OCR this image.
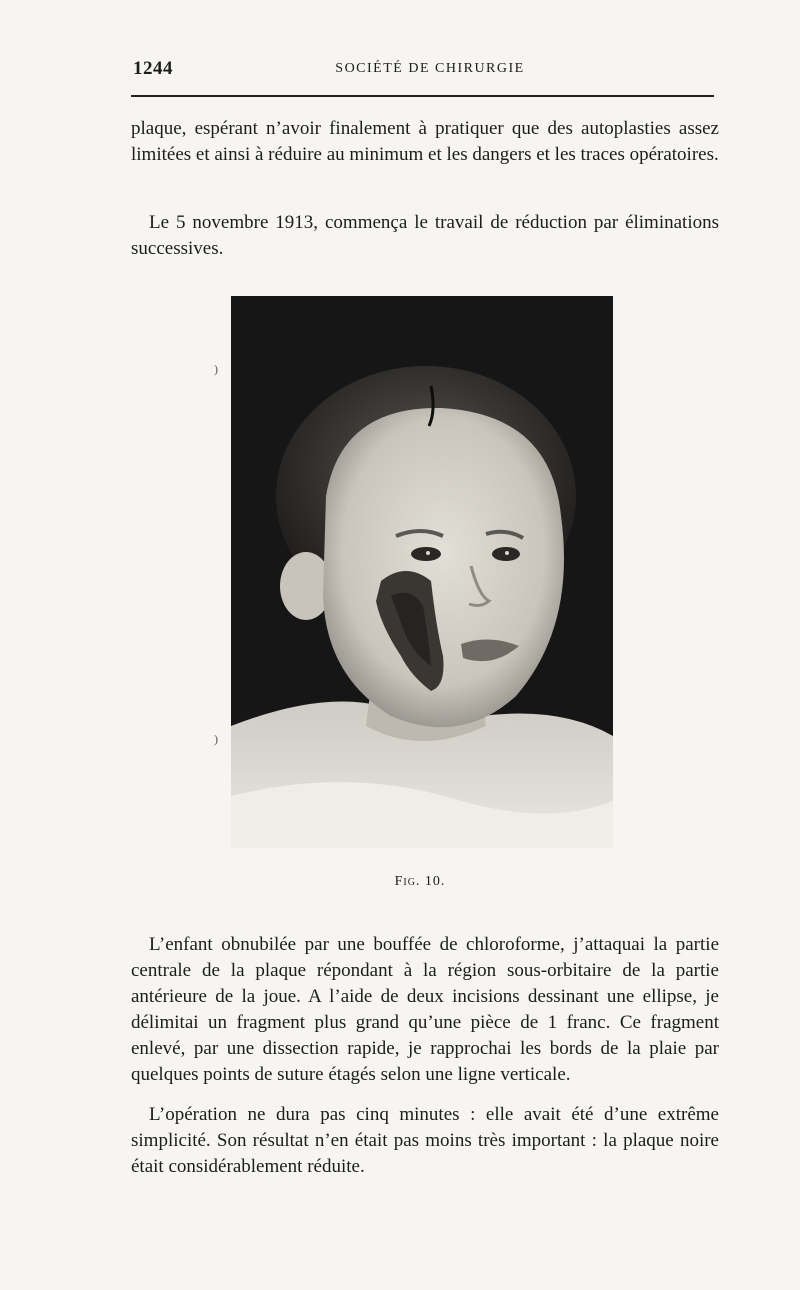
1244	SOCIÉTÉ DE CHIRURGIE

plaque, espérant n’avoir finalement à pratiquer que des autoplasties assez limitées et ainsi à réduire au minimum et les dangers et les traces opératoires.

Le 5 novembre 1913, commença le travail de réduction par éliminations successives.

)
)
Fig. 10.

L’enfant obnubilée par une bouffée de chloroforme, j’attaquai la partie centrale de la plaque répondant à la région sous-orbitaire de la partie antérieure de la joue. A l’aide de deux incisions dessinant une ellipse, je délimitai un fragment plus grand qu’une pièce de 1 franc. Ce fragment enlevé, par une dissection rapide, je rapprochai les bords de la plaie par quelques points de suture étagés selon une ligne verticale.

L’opération ne dura pas cinq minutes : elle avait été d’une extrême simplicité. Son résultat n’en était pas moins très important : la plaque noire était considérablement réduite.
